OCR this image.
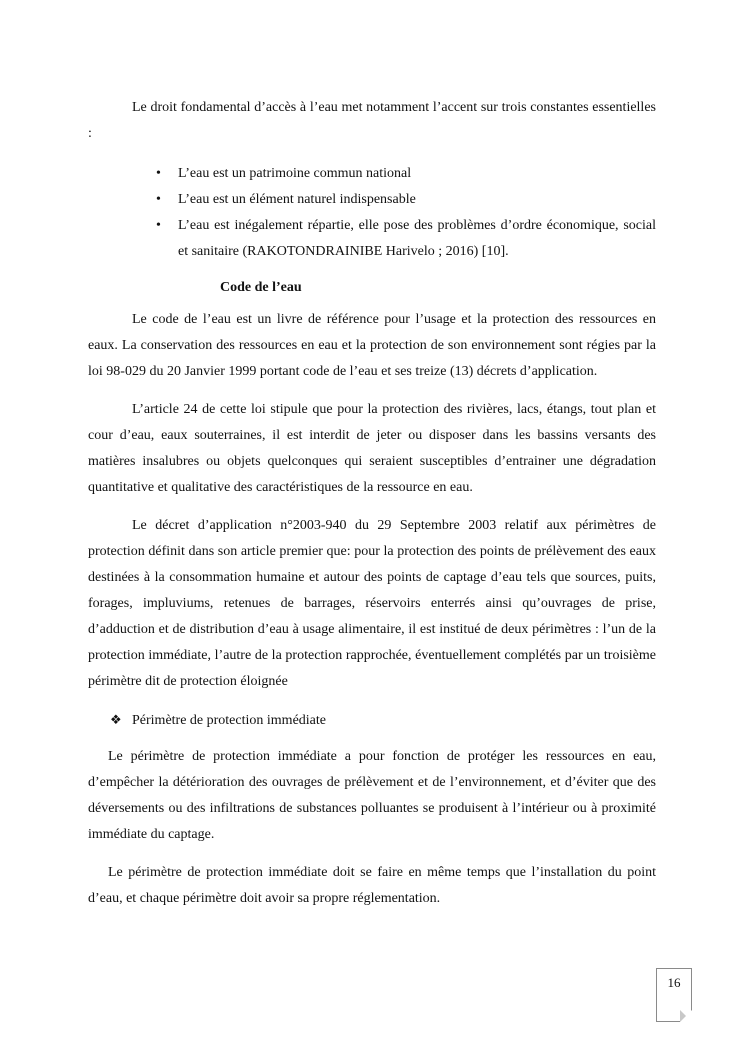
Le droit fondamental d’accès à l’eau met notamment l’accent sur trois constantes essentielles :

• L’eau est un patrimoine commun national
• L’eau est un élément naturel indispensable
• L’eau est inégalement répartie, elle pose des problèmes d’ordre économique, social et sanitaire (RAKOTONDRAINIBE Harivelo ; 2016) [10].
Code de l’eau

Le code de l’eau est un livre de référence pour l’usage et la protection des ressources en eaux. La conservation des ressources en eau et la protection de son environnement sont régies par la loi 98-029 du 20 Janvier 1999 portant code de l’eau et ses treize (13) décrets d’application.

L’article 24 de cette loi stipule que pour la protection des rivières, lacs, étangs, tout plan et cour d’eau, eaux souterraines, il est interdit de jeter ou disposer dans les bassins versants des matières insalubres ou objets quelconques qui seraient susceptibles d’entrainer une dégradation quantitative et qualitative des caractéristiques de la ressource en eau.

Le décret d’application n°2003-940 du 29 Septembre 2003 relatif aux périmètres de protection définit dans son article premier que: pour la protection des points de prélèvement des eaux destinées à la consommation humaine et autour des points de captage d’eau tels que sources, puits, forages, impluviums, retenues de barrages, réservoirs enterrés ainsi qu’ouvrages de prise, d’adduction et de distribution d’eau à usage alimentaire, il est institué de deux périmètres : l’un de la protection immédiate, l’autre de la protection rapprochée, éventuellement complétés par un troisième périmètre dit de protection éloignée

❖ Périmètre de protection immédiate

Le périmètre de protection immédiate a pour fonction de protéger les ressources en eau, d’empêcher la détérioration des ouvrages de prélèvement et de l’environnement, et d’éviter que des déversements ou des infiltrations de substances polluantes se produisent à l’intérieur ou à proximité immédiate du captage.

Le périmètre de protection immédiate doit se faire en même temps que l’installation du point d’eau, et chaque périmètre doit avoir sa propre réglementation.

16
